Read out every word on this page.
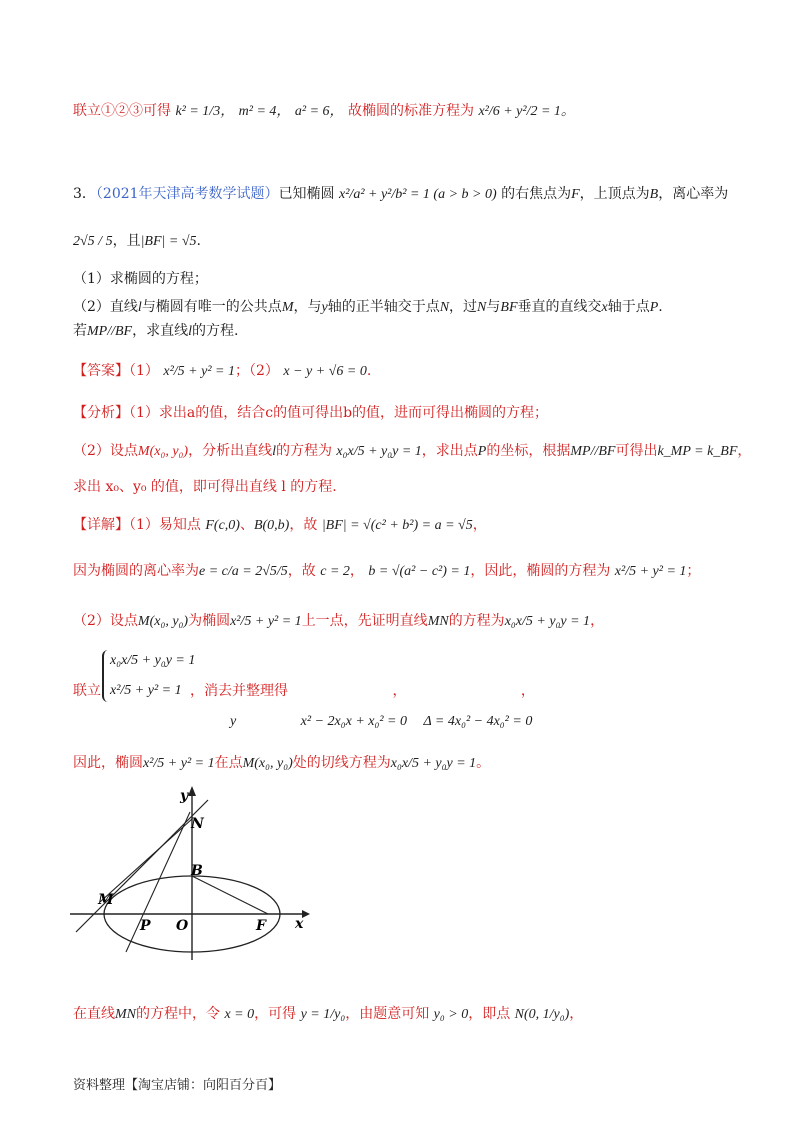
联立①②③可得 k² = 1/3， m² = 4， a² = 6， 故椭圆的标准方程为 x²/6 + y²/2 = 1。
3．（2021年天津高考数学试题）已知椭圆 x²/a² + y²/b² = 1 (a > b > 0) 的右焦点为F，上顶点为B，离心率为
2√5 / 5，且|BF| = √5.
（1）求椭圆的方程；
（2）直线l与椭圆有唯一的公共点M，与y轴的正半轴交于点N，过N与BF垂直的直线交x轴于点P.
若MP//BF，求直线l的方程.
【答案】（1） x²/5 + y² = 1；（2） x − y + √6 = 0.
【分析】（1）求出a的值，结合c的值可得出b的值，进而可得出椭圆的方程；
（2）设点M(x₀, y₀)，分析出直线l的方程为 x₀x/5 + y₀y = 1，求出点P的坐标，根据MP//BF可得出k_MP = k_BF，
求出 x₀、y₀ 的值，即可得出直线 l 的方程.
【详解】（1）易知点 F(c,0)、B(0,b)，故 |BF| = √(c² + b²) = a = √5，
因为椭圆的离心率为e = c/a = 2√5/5，故 c = 2， b = √(a² − c²) = 1，因此，椭圆的方程为 x²/5 + y² = 1；
（2）设点M(x₀, y₀)为椭圆x²/5 + y² = 1上一点，先证明直线MN的方程为x₀x/5 + y₀y = 1，
联立
x₀x/5 + y₀y = 1
x²/5 + y² = 1 ，消去并整理得	，	，
y	x² − 2x₀x + x₀² = 0 Δ = 4x₀² − 4x₀² = 0
因此，椭圆x²/5 + y² = 1在点M(x₀, y₀)处的切线方程为x₀x/5 + y₀y = 1。
y
N
B
M
P O	F x
在直线MN的方程中，令 x = 0，可得 y = 1/y₀，由题意可知 y₀ > 0，即点 N(0, 1/y₀)，
资料整理【淘宝店铺：向阳百分百】
